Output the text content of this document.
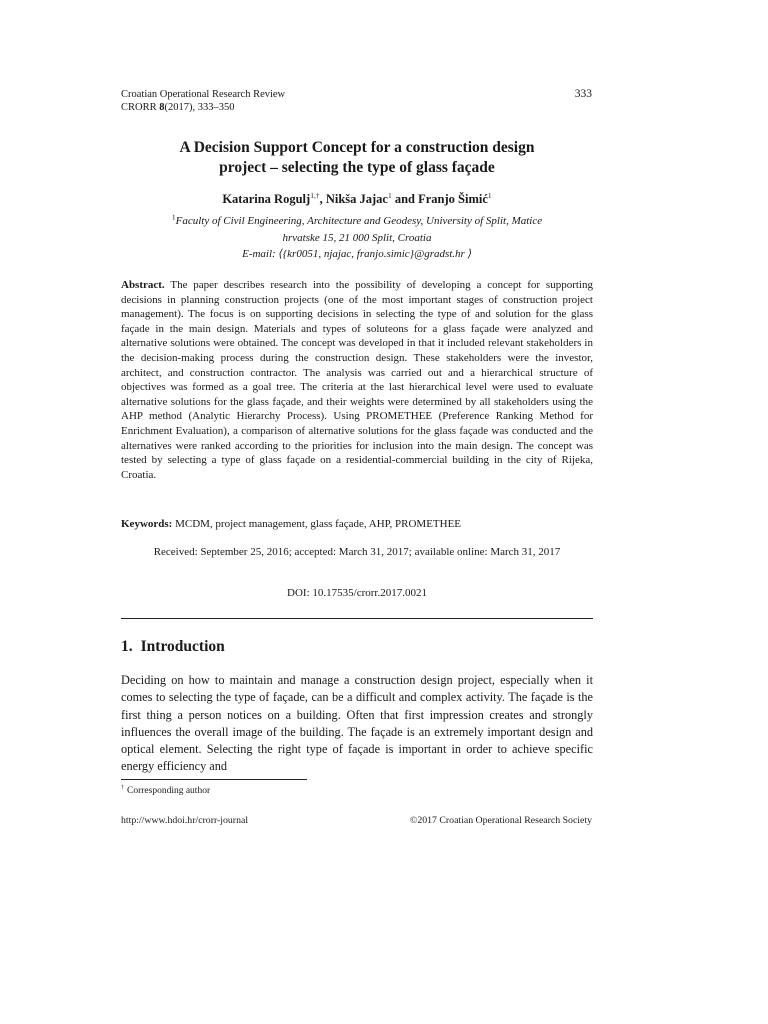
Croatian Operational Research Review
CRORR 8(2017), 333–350
333
A Decision Support Concept for a construction design
project – selecting the type of glass façade
Katarina Rogulj$^{1,\dagger}$, Nikša Jajac$^1$ and Franjo Šimić$^1$
$^1$Faculty of Civil Engineering, Architecture and Geodesy, University of Split, Matice
hrvatske 15, 21 000 Split, Croatia
E-mail: ⟨{kr0051, njajac, franjo.simic}@gradst.hr ⟩
Abstract. The paper describes research into the possibility of developing a concept for supporting decisions in planning construction projects (one of the most important stages of construction project management). The focus is on supporting decisions in selecting the type of and solution for the glass façade in the main design. Materials and types of soluteons for a glass façade were analyzed and alternative solutions were obtained. The concept was developed in that it included relevant stakeholders in the decision-making process during the construction design. These stakeholders were the investor, architect, and construction contractor. The analysis was carried out and a hierarchical structure of objectives was formed as a goal tree. The criteria at the last hierarchical level were used to evaluate alternative solutions for the glass façade, and their weights were determined by all stakeholders using the AHP method (Analytic Hierarchy Process). Using PROMETHEE (Preference Ranking Method for Enrichment Evaluation), a comparison of alternative solutions for the glass façade was conducted and the alternatives were ranked according to the priorities for inclusion into the main design. The concept was tested by selecting a type of glass façade on a residential-commercial building in the city of Rijeka, Croatia.
Keywords: MCDM, project management, glass façade, AHP, PROMETHEE
Received: September 25, 2016; accepted: March 31, 2017; available online: March 31, 2017
DOI: 10.17535/crorr.2017.0021
1. Introduction
Deciding on how to maintain and manage a construction design project, especially when it comes to selecting the type of façade, can be a difficult and complex activity. The façade is the first thing a person notices on a building. Often that first impression creates and strongly influences the overall image of the building. The façade is an extremely important design and optical element. Selecting the right type of façade is important in order to achieve specific energy efficiency and
† Corresponding author
http://www.hdoi.hr/crorr-journal	©2017 Croatian Operational Research Society
